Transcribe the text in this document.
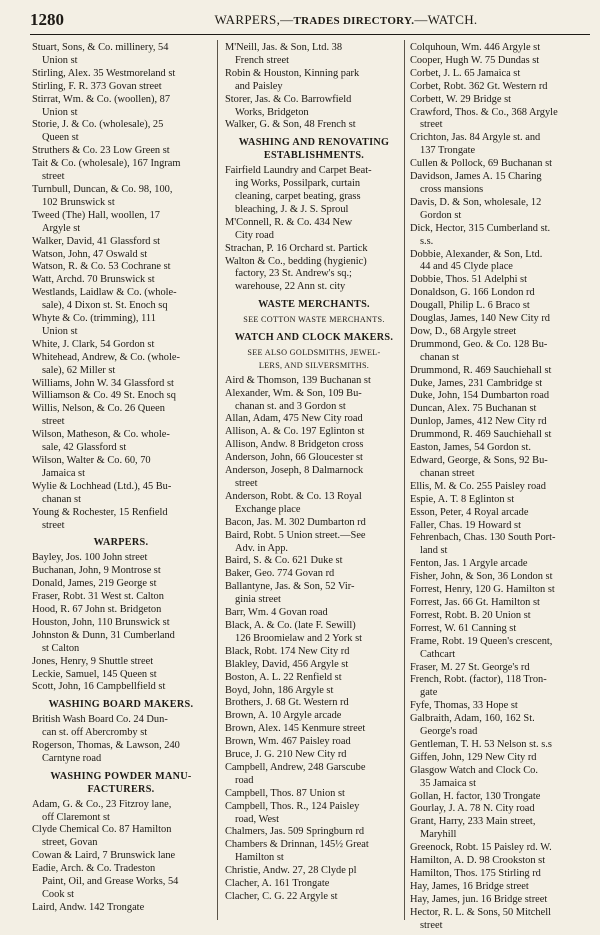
1280	WARPERS,—TRADES DIRECTORY.—WATCH.
Stuart, Sons, & Co. millinery, 54
Union st
Stirling, Alex. 35 Westmoreland st
Stirling, F. R. 373 Govan street
Stirrat, Wm. & Co. (woollen), 87
Union st
Storie, J. & Co. (wholesale), 25
Queen st
Struthers & Co. 23 Low Green st
Tait & Co. (wholesale), 167 Ingram
street
Turnbull, Duncan, & Co. 98, 100,
102 Brunswick st
Tweed (The) Hall, woollen, 17
Argyle st
Walker, David, 41 Glassford st
Watson, John, 47 Oswald st
Watson, R. & Co. 53 Cochrane st
Watt, Archd. 70 Brunswick st
Westlands, Laidlaw & Co. (whole-
sale), 4 Dixon st. St. Enoch sq
Whyte & Co. (trimming), 111
Union st
White, J. Clark, 54 Gordon st
Whitehead, Andrew, & Co. (whole-
sale), 62 Miller st
Williams, John W. 34 Glassford st
Williamson & Co. 49 St. Enoch sq
Willis, Nelson, & Co. 26 Queen
street
Wilson, Matheson, & Co. whole-
sale, 42 Glassford st
Wilson, Walter & Co. 60, 70
Jamaica st
Wylie & Lochhead (Ltd.), 45 Bu-
chanan st
Young & Rochester, 15 Renfield
street
WARPERS.
Bayley, Jos. 100 John street
Buchanan, John, 9 Montrose st
Donald, James, 219 George st
Fraser, Robt. 31 West st. Calton
Hood, R. 67 John st. Bridgeton
Houston, John, 110 Brunswick st
Johnston & Dunn, 31 Cumberland
st Calton
Jones, Henry, 9 Shuttle street
Leckie, Samuel, 145 Queen st
Scott, John, 16 Campbellfield st
WASHING BOARD MAKERS.
British Wash Board Co. 24 Dun-
can st. off Abercromby st
Rogerson, Thomas, & Lawson, 240
Carntyne road
WASHING POWDER MANU-
FACTURERS.
Adam, G. & Co., 23 Fitzroy lane,
off Claremont st
Clyde Chemical Co. 87 Hamilton
street, Govan
Cowan & Laird, 7 Brunswick lane
Eadie, Arch. & Co. Tradeston
Paint, Oil, and Grease Works, 54
Cook st
Laird, Andw. 142 Trongate
M'Neill, Jas. & Son, Ltd. 38
French street
Robin & Houston, Kinning park
and Paisley
Storer, Jas. & Co. Barrowfield
Works, Bridgeton
Walker, G. & Son, 48 French st
WASHING AND RENOVATING
ESTABLISHMENTS.
Fairfield Laundry and Carpet Beat-
ing Works, Possilpark, curtain
cleaning, carpet beating, grass
bleaching, J. & J. S. Sproul
M'Connell, R. & Co. 434 New
City road
Strachan, P. 16 Orchard st. Partick
Walton & Co., bedding (hygienic)
factory, 23 St. Andrew's sq.;
warehouse, 22 Ann st. city
WASTE MERCHANTS.
SEE COTTON WASTE MERCHANTS.
WATCH AND CLOCK MAKERS.
SEE ALSO GOLDSMITHS, JEWEL-
LERS, AND SILVERSMITHS.
Aird & Thomson, 139 Buchanan st
Alexander, Wm. & Son, 109 Bu-
chanan st. and 3 Gordon st
Allan, Adam, 475 New City road
Allison, A. & Co. 197 Eglinton st
Allison, Andw. 8 Bridgeton cross
Anderson, John, 66 Gloucester st
Anderson, Joseph, 8 Dalmarnock
street
Anderson, Robt. & Co. 13 Royal
Exchange place
Bacon, Jas. M. 302 Dumbarton rd
Baird, Robt. 5 Union street.—See
Adv. in App.
Baird, S. & Co. 621 Duke st
Baker, Geo. 774 Govan rd
Ballantyne, Jas. & Son, 52 Vir-
ginia street
Barr, Wm. 4 Govan road
Black, A. & Co. (late F. Sewill)
126 Broomielaw and 2 York st
Black, Robt. 174 New City rd
Blakley, David, 456 Argyle st
Boston, A. L. 22 Renfield st
Boyd, John, 186 Argyle st
Brothers, J. 68 Gt. Western rd
Brown, A. 10 Argyle arcade
Brown, Alex. 145 Kenmure street
Brown, Wm. 467 Paisley road
Bruce, J. G. 210 New City rd
Campbell, Andrew, 248 Garscube
road
Campbell, Thos. 87 Union st
Campbell, Thos. R., 124 Paisley
road, West
Chalmers, Jas. 509 Springburn rd
Chambers & Drinnan, 145½ Great
Hamilton st
Christie, Andw. 27, 28 Clyde pl
Clacher, A. 161 Trongate
Clacher, C. G. 22 Argyle st
Colquhoun, Wm. 446 Argyle st
Cooper, Hugh W. 75 Dundas st
Corbet, J. L. 65 Jamaica st
Corbet, Robt. 362 Gt. Western rd
Corbett, W. 29 Bridge st
Crawford, Thos. & Co., 368 Argyle
street
Crichton, Jas. 84 Argyle st. and
137 Trongate
Cullen & Pollock, 69 Buchanan st
Davidson, James A. 15 Charing
cross mansions
Davis, D. & Son, wholesale, 12
Gordon st
Dick, Hector, 315 Cumberland st.
s.s.
Dobbie, Alexander, & Son, Ltd.
44 and 45 Clyde place
Dobbie, Thos. 51 Adelphi st
Donaldson, G. 166 London rd
Dougall, Philip L. 6 Braco st
Douglas, James, 140 New City rd
Dow, D., 68 Argyle street
Drummond, Geo. & Co. 128 Bu-
chanan st
Drummond, R. 469 Sauchiehall st
Duke, James, 231 Cambridge st
Duke, John, 154 Dumbarton road
Duncan, Alex. 75 Buchanan st
Dunlop, James, 412 New City rd
Drummond, R. 469 Sauchiehall st
Easton, James, 54 Gordon st.
Edward, George, & Sons, 92 Bu-
chanan street
Ellis, M. & Co. 255 Paisley road
Espie, A. T. 8 Eglinton st
Esson, Peter, 4 Royal arcade
Faller, Chas. 19 Howard st
Fehrenbach, Chas. 130 South Port-
land st
Fenton, Jas. 1 Argyle arcade
Fisher, John, & Son, 36 London st
Forrest, Henry, 120 G. Hamilton st
Forrest, Jas. 66 Gt. Hamilton st
Forrest, Robt. B. 20 Union st
Forrest, W. 61 Canning st
Frame, Robt. 19 Queen's crescent,
Cathcart
Fraser, M. 27 St. George's rd
French, Robt. (factor), 118 Tron-
gate
Fyfe, Thomas, 33 Hope st
Galbraith, Adam, 160, 162 St.
George's road
Gentleman, T. H. 53 Nelson st. s.s
Giffen, John, 129 New City rd
Glasgow Watch and Clock Co.
35 Jamaica st
Gollan, H. factor, 130 Trongate
Gourlay, J. A. 78 N. City road
Grant, Harry, 233 Main street,
Maryhill
Greenock, Robt. 15 Paisley rd. W.
Hamilton, A. D. 98 Crookston st
Hamilton, Thos. 175 Stirling rd
Hay, James, 16 Bridge street
Hay, James, jun. 16 Bridge street
Hector, R. L. & Sons, 50 Mitchell
street
